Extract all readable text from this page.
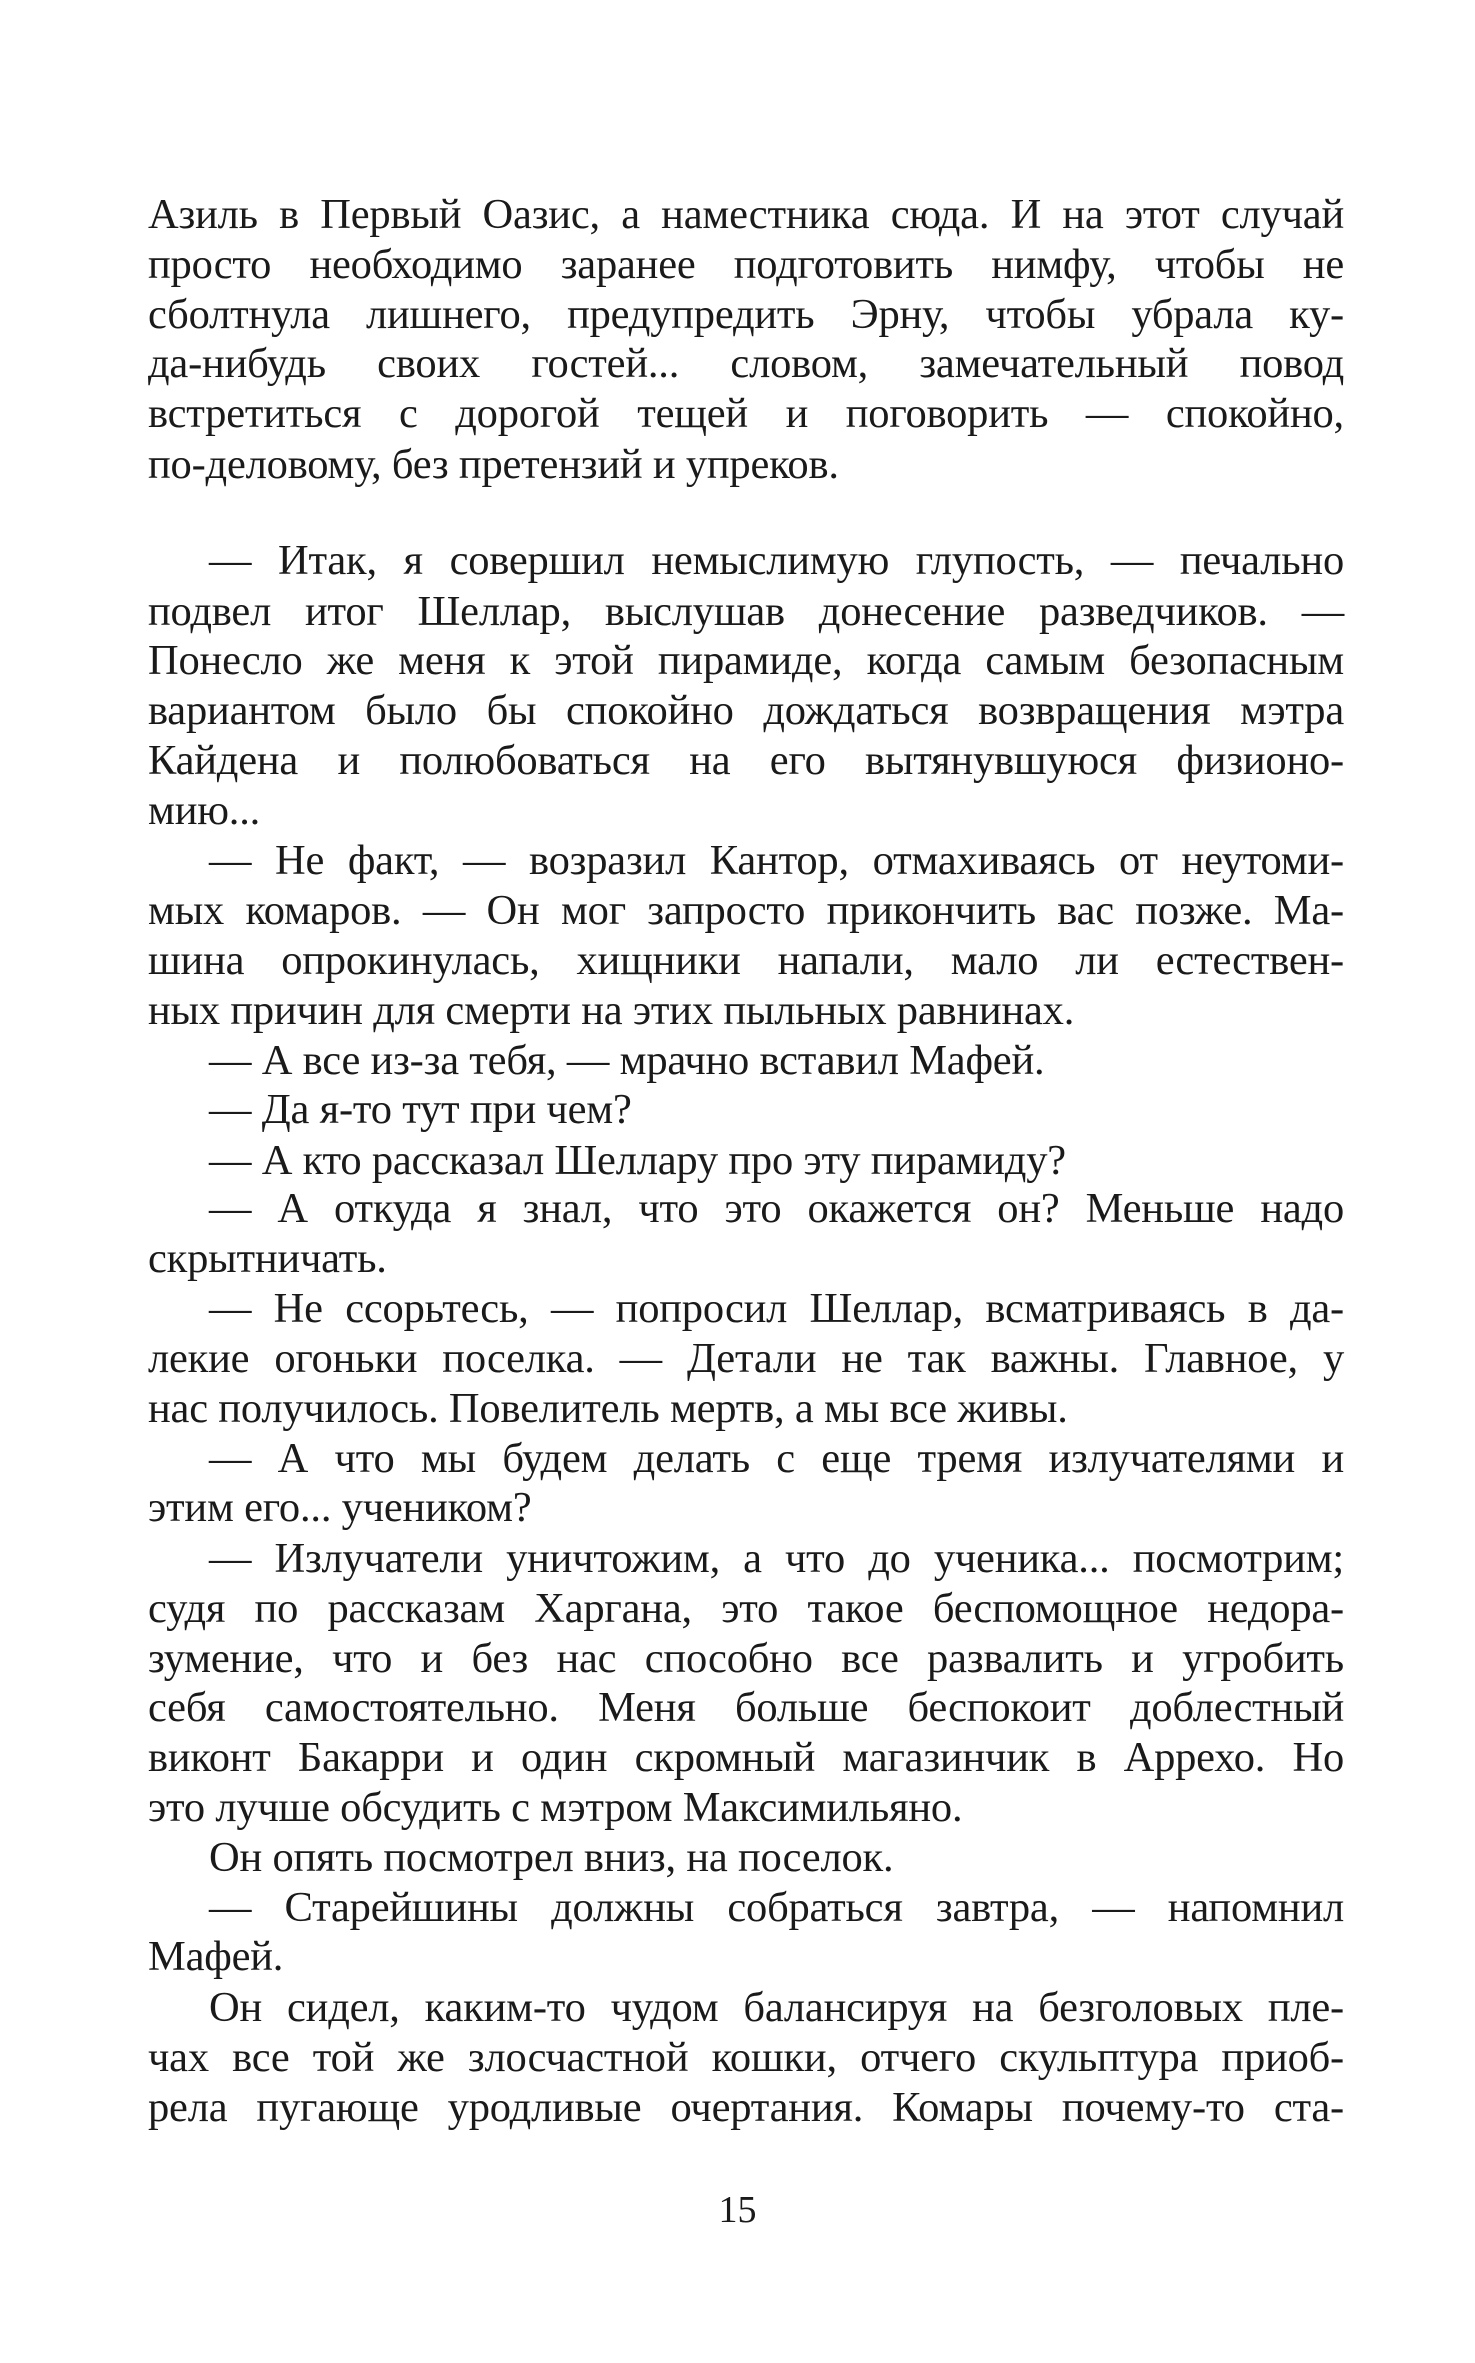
Азиль в Первый Оазис, а наместника сюда. И на этот случай
просто необходимо заранее подготовить нимфу, чтобы не
сболтнула лишнего, предупредить Эрну, чтобы убрала ку-
да-нибудь своих гостей... словом, замечательный повод
встретиться с дорогой тещей и поговорить — спокойно,
по-деловому, без претензий и упреков.
— Итак, я совершил немыслимую глупость, — печально
подвел итог Шеллар, выслушав донесение разведчиков. —
Понесло же меня к этой пирамиде, когда самым безопасным
вариантом было бы спокойно дождаться возвращения мэтра
Кайдена и полюбоваться на его вытянувшуюся физионо-
мию...
— Не факт, — возразил Кантор, отмахиваясь от неутоми-
мых комаров. — Он мог запросто прикончить вас позже. Ма-
шина опрокинулась, хищники напали, мало ли естествен-
ных причин для смерти на этих пыльных равнинах.
— А все из-за тебя, — мрачно вставил Мафей.
— Да я-то тут при чем?
— А кто рассказал Шеллару про эту пирамиду?
— А откуда я знал, что это окажется он? Меньше надо
скрытничать.
— Не ссорьтесь, — попросил Шеллар, всматриваясь в да-
лекие огоньки поселка. — Детали не так важны. Главное, у
нас получилось. Повелитель мертв, а мы все живы.
— А что мы будем делать с еще тремя излучателями и
этим его... учеником?
— Излучатели уничтожим, а что до ученика... посмотрим;
судя по рассказам Харгана, это такое беспомощное недора-
зумение, что и без нас способно все развалить и угробить
себя самостоятельно. Меня больше беспокоит доблестный
виконт Бакарри и один скромный магазинчик в Аррехо. Но
это лучше обсудить с мэтром Максимильяно.
Он опять посмотрел вниз, на поселок.
— Старейшины должны собраться завтра, — напомнил
Мафей.
Он сидел, каким-то чудом балансируя на безголовых пле-
чах все той же злосчастной кошки, отчего скульптура приоб-
рела пугающе уродливые очертания. Комары почему-то ста-
15
